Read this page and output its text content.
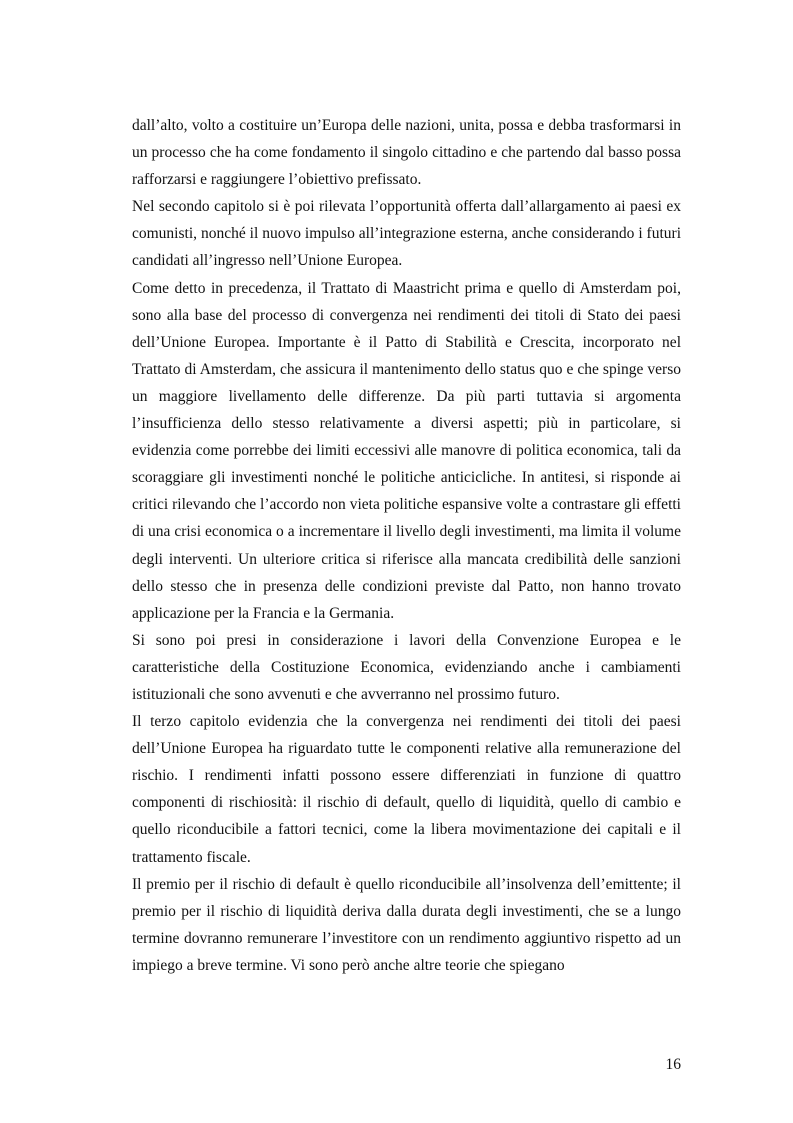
dall’alto, volto a costituire un’Europa delle nazioni, unita, possa e debba trasformarsi in un processo che ha come fondamento il singolo cittadino e che partendo dal basso possa rafforzarsi e raggiungere l’obiettivo prefissato.

Nel secondo capitolo si è poi rilevata l’opportunità offerta dall’allargamento ai paesi ex comunisti, nonché il nuovo impulso all’integrazione esterna, anche considerando i futuri candidati all’ingresso nell’Unione Europea.

Come detto in precedenza, il Trattato di Maastricht prima e quello di Amsterdam poi, sono alla base del processo di convergenza nei rendimenti dei titoli di Stato dei paesi dell’Unione Europea. Importante è il Patto di Stabilità e Crescita, incorporato nel Trattato di Amsterdam, che assicura il mantenimento dello status quo e che spinge verso un maggiore livellamento delle differenze. Da più parti tuttavia si argomenta l’insufficienza dello stesso relativamente a diversi aspetti; più in particolare, si evidenzia come porrebbe dei limiti eccessivi alle manovre di politica economica, tali da scoraggiare gli investimenti nonché le politiche anticicliche. In antitesi, si risponde ai critici rilevando che l’accordo non vieta politiche espansive volte a contrastare gli effetti di una crisi economica o a incrementare il livello degli investimenti, ma limita il volume degli interventi. Un ulteriore critica si riferisce alla mancata credibilità delle sanzioni dello stesso che in presenza delle condizioni previste dal Patto, non hanno trovato applicazione per la Francia e la Germania.

Si sono poi presi in considerazione i lavori della Convenzione Europea e le caratteristiche della Costituzione Economica, evidenziando anche i cambiamenti istituzionali che sono avvenuti e che avverranno nel prossimo futuro.

Il terzo capitolo evidenzia che la convergenza nei rendimenti dei titoli dei paesi dell’Unione Europea ha riguardato tutte le componenti relative alla remunerazione del rischio. I rendimenti infatti possono essere differenziati in funzione di quattro componenti di rischiosità: il rischio di default, quello di liquidità, quello di cambio e quello riconducibile a fattori tecnici, come la libera movimentazione dei capitali e il trattamento fiscale.

Il premio per il rischio di default è quello riconducibile all’insolvenza dell’emittente; il premio per il rischio di liquidità deriva dalla durata degli investimenti, che se a lungo termine dovranno remunerare l’investitore con un rendimento aggiuntivo rispetto ad un impiego a breve termine. Vi sono però anche altre teorie che spiegano

16
